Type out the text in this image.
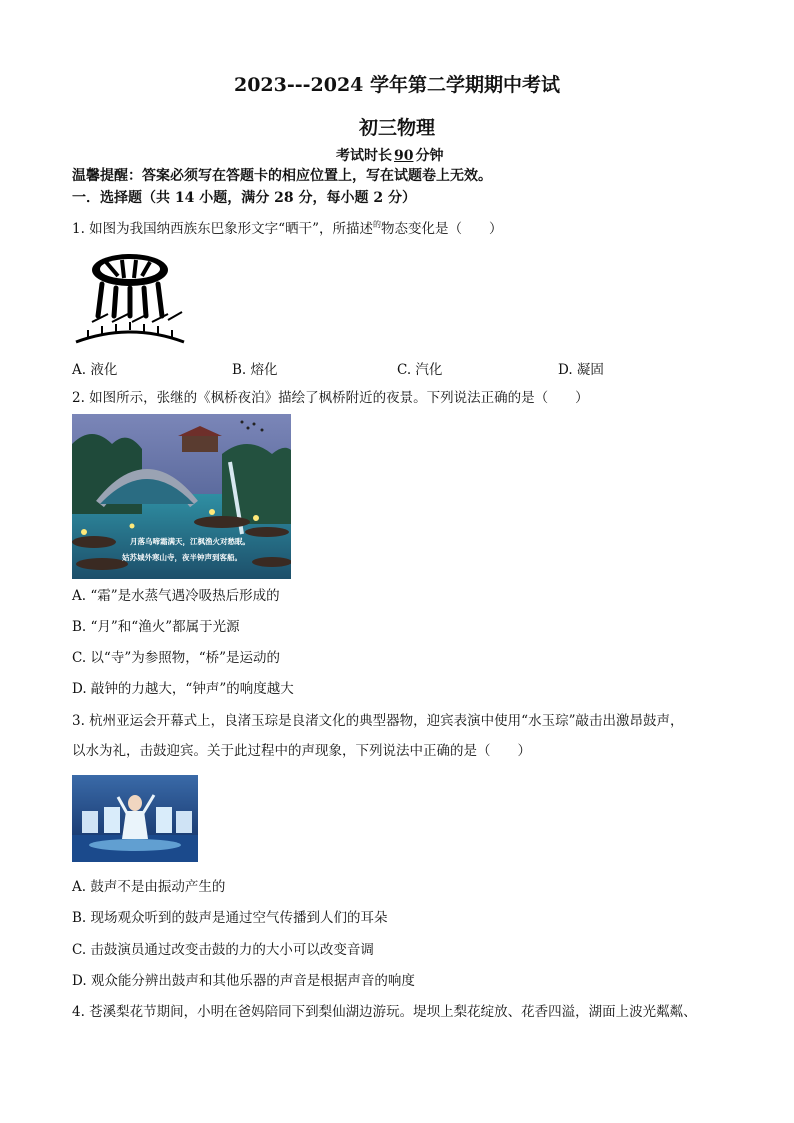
2023---2024 学年第二学期期中考试
初三物理
考试时长 90 分钟
温馨提醒：答案必须写在答题卡的相应位置上，写在试题卷上无效。
一．选择题（共 14 小题，满分 28 分，每小题 2 分）
1. 如图为我国纳西族东巴象形文字“晒干”，所描述$^的$物态变化是（　　）
A. 液化	B. 熔化	C. 汽化	D. 凝固
2. 如图所示，张继的《枫桥夜泊》描绘了枫桥附近的夜景。下列说法正确的是（　　）
月落乌啼霜满天，江枫渔火对愁眠。
姑苏城外寒山寺，夜半钟声到客船。
A. “霜”是水蒸气遇冷吸热后形成的
B. “月”和“渔火”都属于光源
C. 以“寺”为参照物，“桥”是运动的
D. 敲钟的力越大，“钟声”的响度越大
3. 杭州亚运会开幕式上，良渚玉琮是良渚文化的典型器物，迎宾表演中使用“水玉琮”敲击出激昂鼓声，
以水为礼，击鼓迎宾。关于此过程中的声现象，下列说法中正确的是（　　）
A. 鼓声不是由振动产生的
B. 现场观众听到的鼓声是通过空气传播到人们的耳朵
C. 击鼓演员通过改变击鼓的力的大小可以改变音调
D. 观众能分辨出鼓声和其他乐器的声音是根据声音的响度
4. 苍溪梨花节期间，小明在爸妈陪同下到梨仙湖边游玩。堤坝上梨花绽放、花香四溢，湖面上波光粼粼、
